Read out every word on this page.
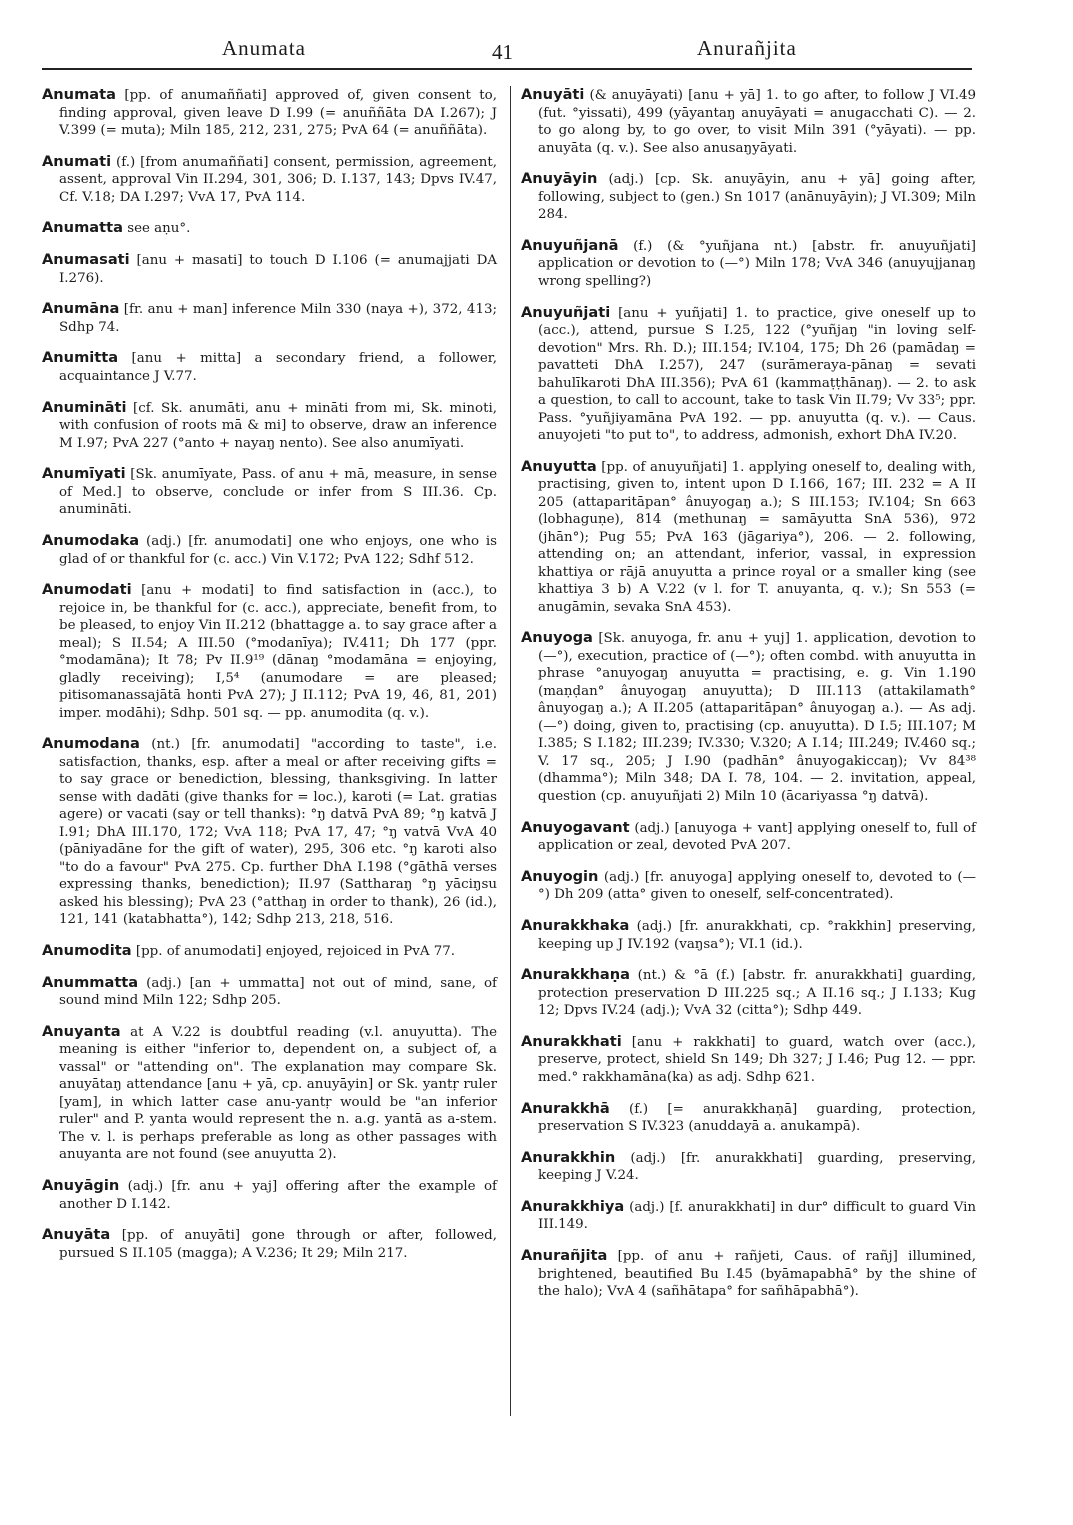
Anumata	41	Anurañjita

Anumata [pp. of anumaññati] approved of, given consent to, finding approval, given leave D I.99 (= anuññāta DA I.267); J V.399 (= muta); Miln 185, 212, 231, 275; PvA 64 (= anuññāta).

Anumati (f.) [from anumaññati] consent, permission, agreement, assent, approval Vin II.294, 301, 306; D. I.137, 143; Dpvs IV.47, Cf. V.18; DA I.297; VvA 17, PvA 114.

Anumatta see aṇu°.

Anumasati [anu + masati] to touch D I.106 (= anumajjati DA I.276).

Anumāna [fr. anu + man] inference Miln 330 (naya +), 372, 413; Sdhp 74.

Anumitta [anu + mitta] a secondary friend, a follower, acquaintance J V.77.

Anumināti [cf. Sk. anumāti, anu + mināti from mi, Sk. minoti, with confusion of roots mā & mi] to observe, draw an inference M I.97; PvA 227 (°anto + nayaŋ nento). See also anumīyati.

Anumīyati [Sk. anumīyate, Pass. of anu + mā, measure, in sense of Med.] to observe, conclude or infer from S III.36. Cp. anumināti.

Anumodaka (adj.) [fr. anumodati] one who enjoys, one who is glad of or thankful for (c. acc.) Vin V.172; PvA 122; Sdhf 512.

Anumodati [anu + modati] to find satisfaction in (acc.), to rejoice in, be thankful for (c. acc.), appreciate, benefit from, to be pleased, to enjoy Vin II.212 (bhattagge a. to say grace after a meal); S II.54; A III.50 (°modanīya); IV.411; Dh 177 (ppr. °modamāna); It 78; Pv II.9¹⁹ (dānaŋ °modamāna = enjoying, gladly receiving); I,5⁴ (anumodare = are pleased; pitisomanassajātā honti PvA 27); J II.112; PvA 19, 46, 81, 201) imper. modāhi); Sdhp. 501 sq. — pp. anumodita (q. v.).

Anumodana (nt.) [fr. anumodati] "according to taste", i.e. satisfaction, thanks, esp. after a meal or after receiving gifts = to say grace or benediction, blessing, thanksgiving. In latter sense with dadāti (give thanks for = loc.), karoti (= Lat. gratias agere) or vacati (say or tell thanks): °ŋ datvā PvA 89; °ŋ katvā J I.91; DhA III.170, 172; VvA 118; PvA 17, 47; °ŋ vatvā VvA 40 (pāniyadāne for the gift of water), 295, 306 etc. °ŋ karoti also "to do a favour" PvA 275. Cp. further DhA I.198 (°gāthā verses expressing thanks, benediction); II.97 (Sattharaŋ °ŋ yāciŋsu asked his blessing); PvA 23 (°atthaŋ in order to thank), 26 (id.), 121, 141 (katabhatta°), 142; Sdhp 213, 218, 516.

Anumodita [pp. of anumodati] enjoyed, rejoiced in PvA 77.

Anummatta (adj.) [an + ummatta] not out of mind, sane, of sound mind Miln 122; Sdhp 205.

Anuyanta at A V.22 is doubtful reading (v.l. anuyutta). The meaning is either "inferior to, dependent on, a subject of, a vassal" or "attending on". The explanation may compare Sk. anuyātaŋ attendance [anu + yā, cp. anuyāyin] or Sk. yantṛ ruler [yam], in which latter case anu-yantṛ would be "an inferior ruler" and P. yanta would represent the n. a.g. yantā as a-stem. The v. l. is perhaps preferable as long as other passages with anuyanta are not found (see anuyutta 2).

Anuyāgin (adj.) [fr. anu + yaj] offering after the example of another D I.142.

Anuyāta [pp. of anuyāti] gone through or after, followed, pursued S II.105 (magga); A V.236; It 29; Miln 217.

Anuyāti (& anuyāyati) [anu + yā] 1. to go after, to follow J VI.49 (fut. °yissati), 499 (yāyantaŋ anuyāyati = anugacchati C). — 2. to go along by, to go over, to visit Miln 391 (°yāyati). — pp. anuyāta (q. v.). See also anusaŋyāyati.

Anuyāyin (adj.) [cp. Sk. anuyāyin, anu + yā] going after, following, subject to (gen.) Sn 1017 (anānuyāyin); J VI.309; Miln 284.

Anuyuñjanā (f.) (& °yuñjana nt.) [abstr. fr. anuyuñjati] application or devotion to (—°) Miln 178; VvA 346 (anuyujjanaŋ wrong spelling?)

Anuyuñjati [anu + yuñjati] 1. to practice, give oneself up to (acc.), attend, pursue S I.25, 122 (°yuñjaŋ "in loving self-devotion" Mrs. Rh. D.); III.154; IV.104, 175; Dh 26 (pamādaŋ = pavatteti DhA I.257), 247 (surāmeraya-pānaŋ = sevati bahulīkaroti DhA III.356); PvA 61 (kammaṭṭhānaŋ). — 2. to ask a question, to call to account, take to task Vin II.79; Vv 33⁵; ppr. Pass. °yuñjiyamāna PvA 192. — pp. anuyutta (q. v.). — Caus. anuyojeti "to put to", to address, admonish, exhort DhA IV.20.

Anuyutta [pp. of anuyuñjati] 1. applying oneself to, dealing with, practising, given to, intent upon D I.166, 167; III. 232 = A II 205 (attaparitāpan° ânuyogaŋ a.); S III.153; IV.104; Sn 663 (lobhaguṇe), 814 (methunaŋ = samāyutta SnA 536), 972 (jhān°); Pug 55; PvA 163 (jāgariya°), 206. — 2. following, attending on; an attendant, inferior, vassal, in expression khattiya or rājā anuyutta a prince royal or a smaller king (see khattiya 3 b) A V.22 (v l. for T. anuyanta, q. v.); Sn 553 (= anugāmin, sevaka SnA 453).

Anuyoga [Sk. anuyoga, fr. anu + yuj] 1. application, devotion to (—°), execution, practice of (—°); often combd. with anuyutta in phrase °anuyogaŋ anuyutta = practising, e. g. Vin 1.190 (maṇḍan° ânuyogaŋ anuyutta); D III.113 (attakilamath° ânuyogaŋ a.); A II.205 (attaparitāpan° ânuyogaŋ a.). — As adj. (—°) doing, given to, practising (cp. anuyutta). D I.5; III.107; M I.385; S I.182; III.239; IV.330; V.320; A I.14; III.249; IV.460 sq.; V. 17 sq., 205; J I.90 (padhān° ânuyogakiccaŋ); Vv 84³⁸ (dhamma°); Miln 348; DA I. 78, 104. — 2. invitation, appeal, question (cp. anuyuñjati 2) Miln 10 (ācariyassa °ŋ datvā).

Anuyogavant (adj.) [anuyoga + vant] applying oneself to, full of application or zeal, devoted PvA 207.

Anuyogin (adj.) [fr. anuyoga] applying oneself to, devoted to (—°) Dh 209 (atta° given to oneself, self-concentrated).

Anurakkhaka (adj.) [fr. anurakkhati, cp. °rakkhin] preserving, keeping up J IV.192 (vaŋsa°); VI.1 (id.).

Anurakkhaṇa (nt.) & °ā (f.) [abstr. fr. anurakkhati] guarding, protection preservation D III.225 sq.; A II.16 sq.; J I.133; Kug 12; Dpvs IV.24 (adj.); VvA 32 (citta°); Sdhp 449.

Anurakkhati [anu + rakkhati] to guard, watch over (acc.), preserve, protect, shield Sn 149; Dh 327; J I.46; Pug 12. — ppr. med.° rakkhamāna(ka) as adj. Sdhp 621.

Anurakkhā (f.) [= anurakkhaṇā] guarding, protection, preservation S IV.323 (anuddayā a. anukampā).

Anurakkhin (adj.) [fr. anurakkhati] guarding, preserving, keeping J V.24.

Anurakkhiya (adj.) [f. anurakkhati] in dur° difficult to guard Vin III.149.

Anurañjita [pp. of anu + rañjeti, Caus. of rañj] illumined, brightened, beautified Bu I.45 (byāmapabhā° by the shine of the halo); VvA 4 (sañhātapa° for sañhāpabhā°).
